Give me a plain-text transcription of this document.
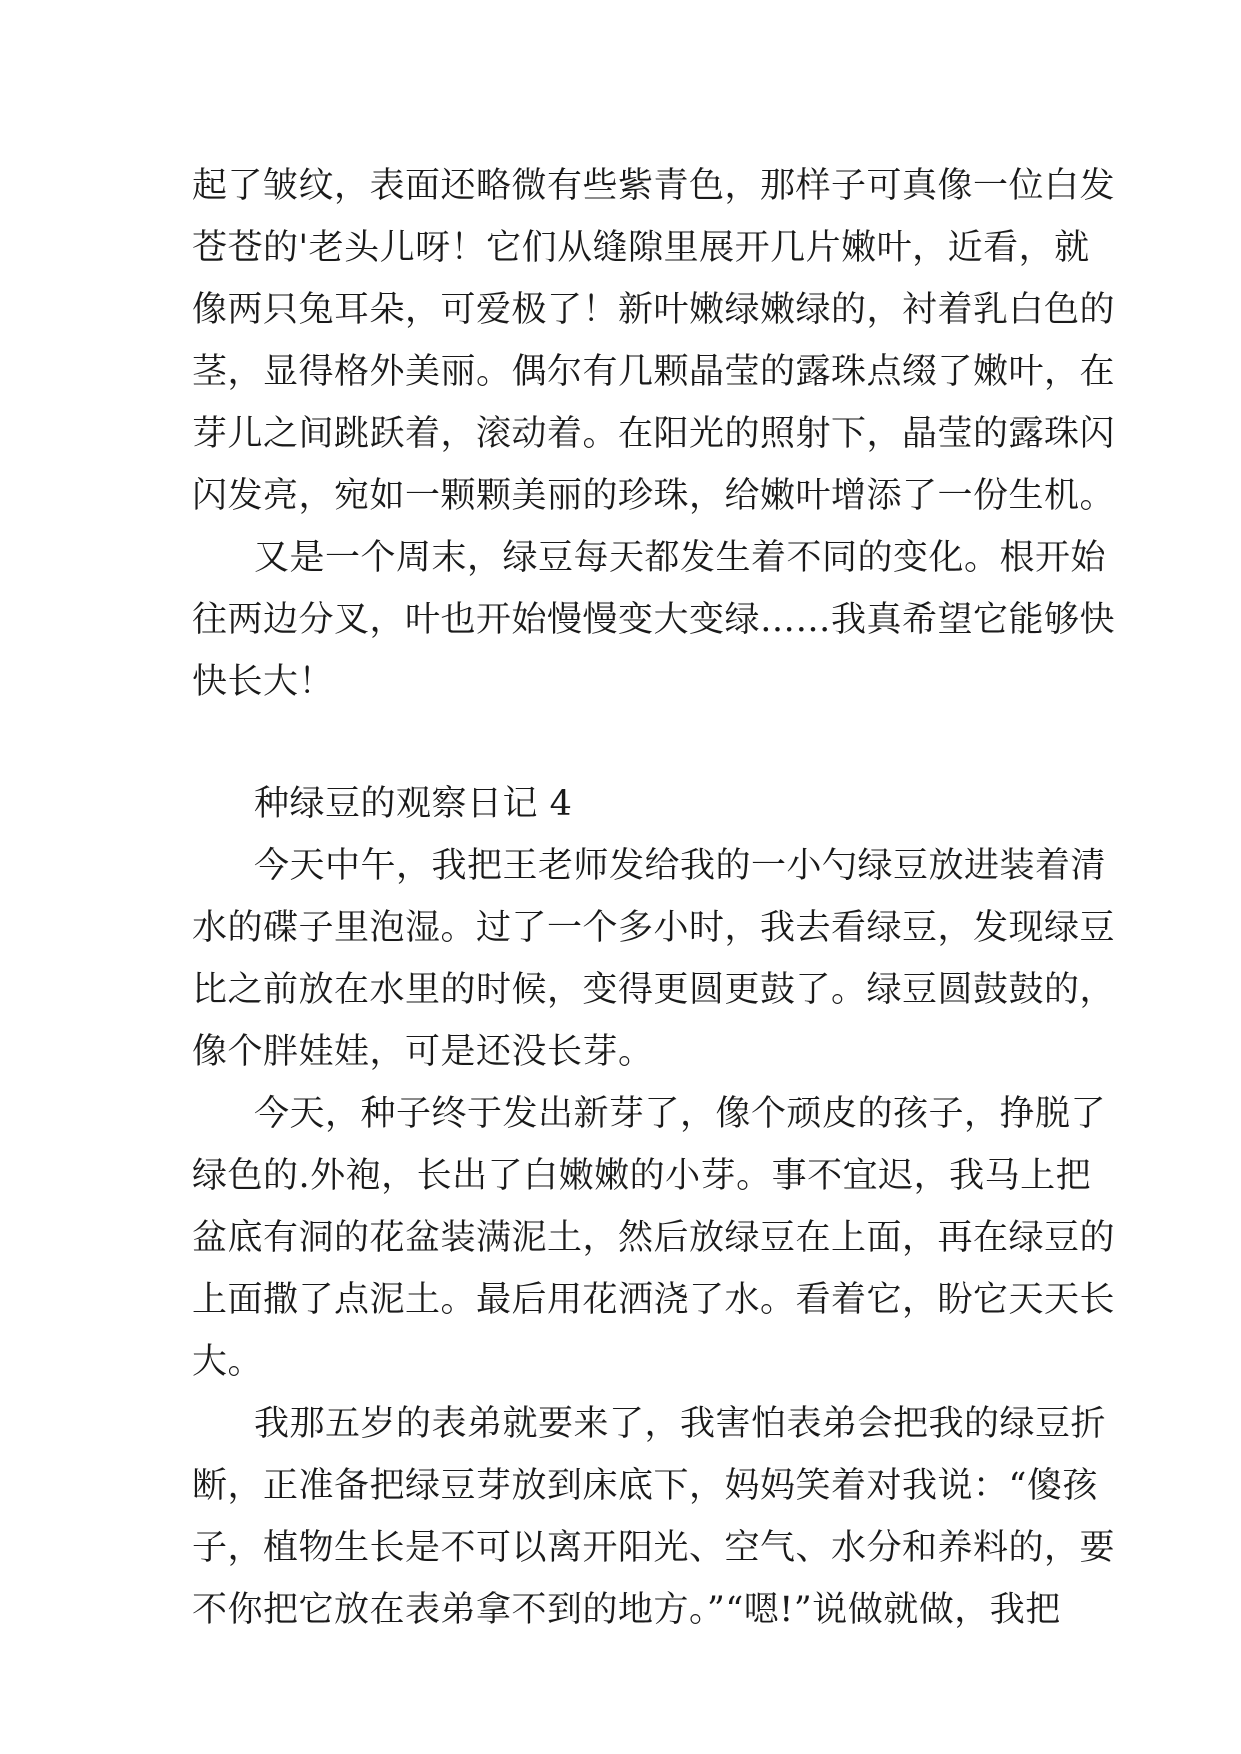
起了皱纹，表面还略微有些紫青色，那样子可真像一位白发
苍苍的'老头儿呀！它们从缝隙里展开几片嫩叶，近看，就
像两只兔耳朵，可爱极了！新叶嫩绿嫩绿的，衬着乳白色的
茎，显得格外美丽。偶尔有几颗晶莹的露珠点缀了嫩叶，在
芽儿之间跳跃着，滚动着。在阳光的照射下，晶莹的露珠闪
闪发亮，宛如一颗颗美丽的珍珠，给嫩叶增添了一份生机。
又是一个周末，绿豆每天都发生着不同的变化。根开始
往两边分叉，叶也开始慢慢变大变绿……我真希望它能够快
快长大！
种绿豆的观察日记 4
今天中午，我把王老师发给我的一小勺绿豆放进装着清
水的碟子里泡湿。过了一个多小时，我去看绿豆，发现绿豆
比之前放在水里的时候，变得更圆更鼓了。绿豆圆鼓鼓的，
像个胖娃娃，可是还没长芽。
今天，种子终于发出新芽了，像个顽皮的孩子，挣脱了
绿色的.外袍，长出了白嫩嫩的小芽。事不宜迟，我马上把
盆底有洞的花盆装满泥土，然后放绿豆在上面，再在绿豆的
上面撒了点泥土。最后用花洒浇了水。看着它，盼它天天长
大。
我那五岁的表弟就要来了，我害怕表弟会把我的绿豆折
断，正准备把绿豆芽放到床底下，妈妈笑着对我说：“傻孩
子，植物生长是不可以离开阳光、空气、水分和养料的，要
不你把它放在表弟拿不到的地方。”“嗯!”说做就做，我把
